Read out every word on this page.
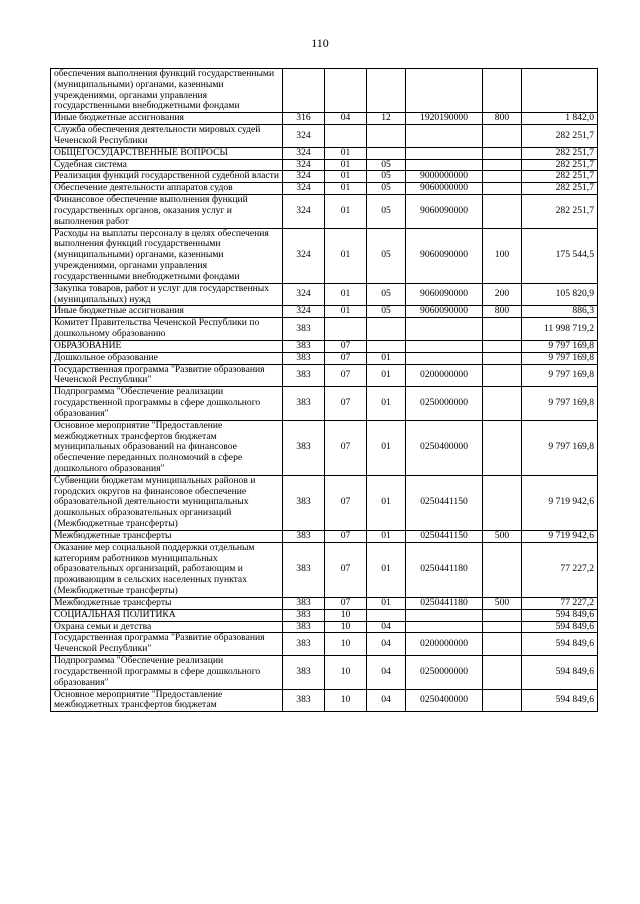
110
обеспечения выполнения функций государственными (муниципальными) органами, казенными учреждениями, органами управления государственными внебюджетными фондами						
Иные бюджетные ассигнования	316	04	12	1920190000	800	1 842,0
Служба обеспечения деятельности мировых судей Чеченской Республики	324					282 251,7
ОБЩЕГОСУДАРСТВЕННЫЕ ВОПРОСЫ	324	01				282 251,7
Судебная система	324	01	05			282 251,7
Реализация функций государственной судебной власти	324	01	05	9000000000		282 251,7
Обеспечение деятельности аппаратов судов	324	01	05	9060000000		282 251,7
Финансовое обеспечение выполнения функций государственных органов, оказания услуг и выполнения работ	324	01	05	9060090000		282 251,7
Расходы на выплаты персоналу в целях обеспечения выполнения функций государственными (муниципальными) органами, казенными учреждениями, органами управления государственными внебюджетными фондами	324	01	05	9060090000	100	175 544,5
Закупка товаров, работ и услуг для государственных (муниципальных) нужд	324	01	05	9060090000	200	105 820,9
Иные бюджетные ассигнования	324	01	05	9060090000	800	886,3
Комитет Правительства Чеченской Республики по дошкольному образованию	383					11 998 719,2
ОБРАЗОВАНИЕ	383	07				9 797 169,8
Дошкольное образование	383	07	01			9 797 169,8
Государственная программа "Развитие образования Чеченской Республики"	383	07	01	0200000000		9 797 169,8
Подпрограмма "Обеспечение реализации государственной программы в сфере дошкольного образования"	383	07	01	0250000000		9 797 169,8
Основное мероприятие "Предоставление межбюджетных трансфертов бюджетам муниципальных образований на финансовое обеспечение переданных полномочий в сфере дошкольного образования"	383	07	01	0250400000		9 797 169,8
Субвенции бюджетам муниципальных районов и городских округов на финансовое обеспечение образовательной деятельности муниципальных дошкольных образовательных организаций (Межбюджетные трансферты)	383	07	01	0250441150		9 719 942,6
Межбюджетные трансферты	383	07	01	0250441150	500	9 719 942,6
Оказание мер социальной поддержки отдельным категориям работников муниципальных образовательных организаций, работающим и проживающим в сельских населенных пунктах (Межбюджетные трансферты)	383	07	01	0250441180		77 227,2
Межбюджетные трансферты	383	07	01	0250441180	500	77 227,2
СОЦИАЛЬНАЯ ПОЛИТИКА	383	10				594 849,6
Охрана семьи и детства	383	10	04			594 849,6
Государственная программа "Развитие образования Чеченской Республики"	383	10	04	0200000000		594 849,6
Подпрограмма "Обеспечение реализации государственной программы в сфере дошкольного образования"	383	10	04	0250000000		594 849,6
Основное мероприятие "Предоставление межбюджетных трансфертов бюджетам	383	10	04	0250400000		594 849,6
